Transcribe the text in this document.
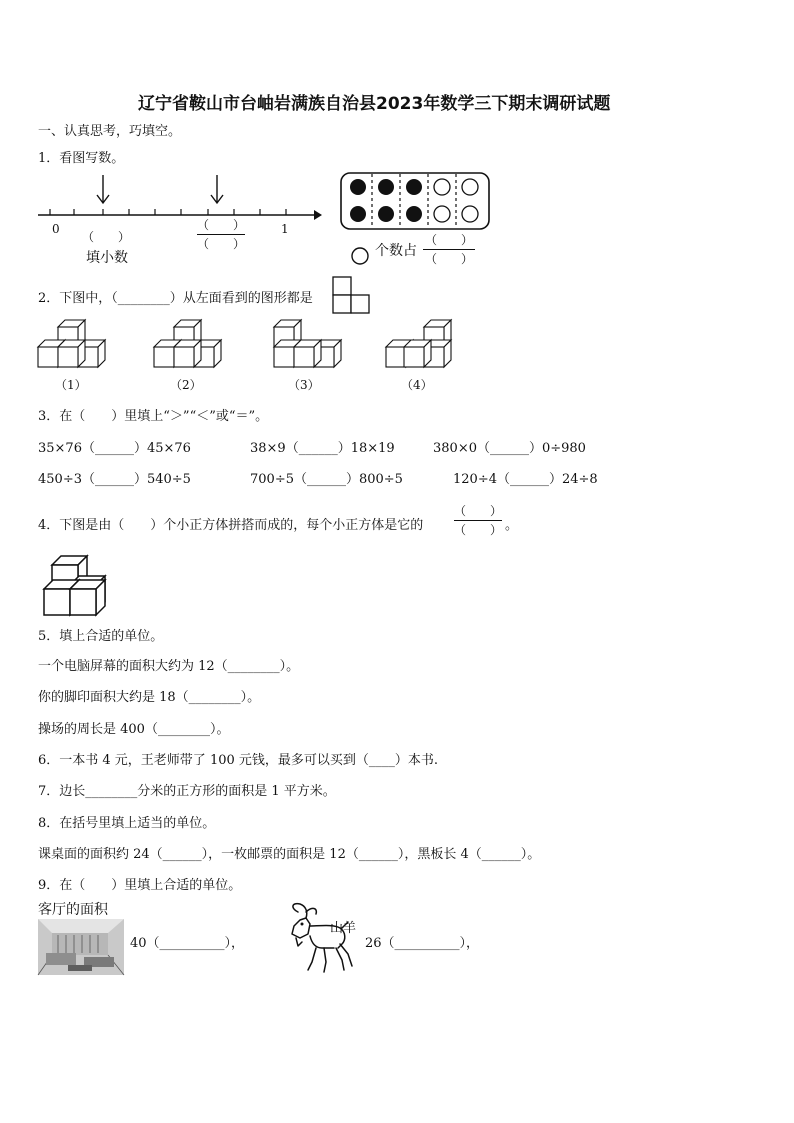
辽宁省鞍山市台岫岩满族自治县2023年数学三下期末调研试题
一、认真思考，巧填空。
1．看图写数。
0	1
（　　）
（　　）
（　　）
填小数	个数占
（　　）
（　　）
2．下图中，（________）从左面看到的图形都是
（1）	（2）	（3）	（4）
3．在（　　）里填上“＞”“＜”或“＝”。
35×76（______）45×76	38×9（______）18×19	380×0（______）0÷980
450÷3（______）540÷5	700÷5（______）800÷5	120÷4（______）24÷8
4．下图是由（　　）个小正方体拼搭而成的，每个小正方体是它的
（　　）
（　　） 。
5．填上合适的单位。
一个电脑屏幕的面积大约为 12（________）。
你的脚印面积大约是 18（________）。
操场的周长是 400（________）。
6．一本书 4 元，王老师带了 100 元钱，最多可以买到（____）本书.
7．边长________分米的正方形的面积是 1 平方米。
8．在括号里填上适当的单位。
课桌面的面积约 24（______），一枚邮票的面积是 12（______），黑板长 4（______）。
9．在（　　）里填上合适的单位。
客厅的面积
40（__________），
山羊
26（__________），
